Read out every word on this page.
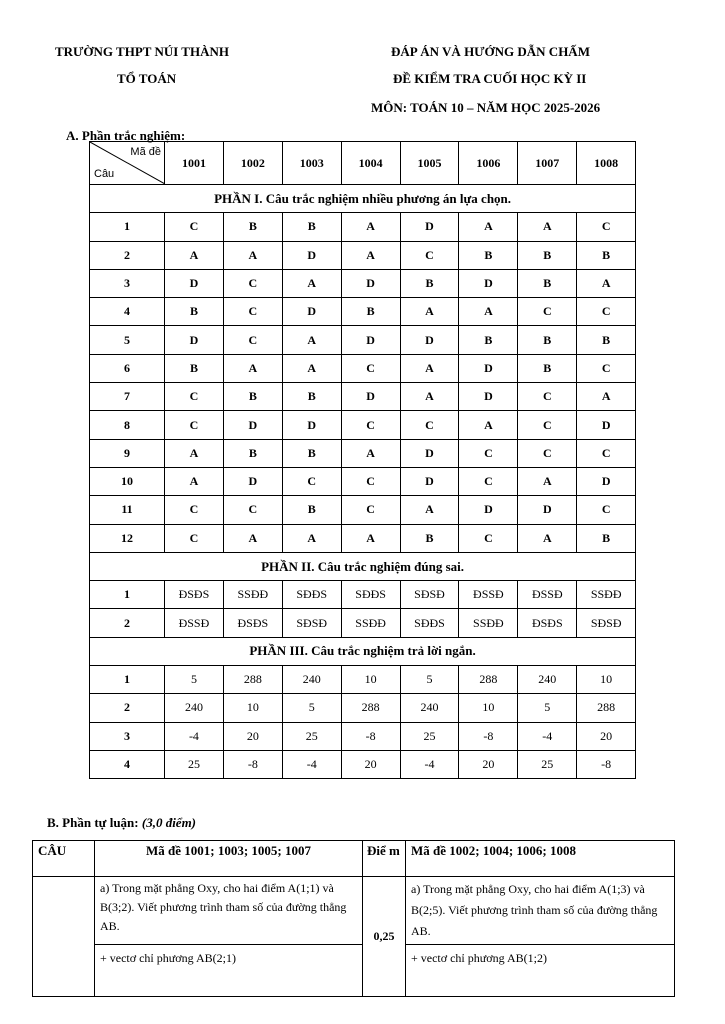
TRƯỜNG THPT NÚI THÀNH
TỔ TOÁN
ĐÁP ÁN VÀ HƯỚNG DẪN CHẤM
ĐỀ KIỂM TRA CUỐI HỌC KỲ II
MÔN: TOÁN 10 – NĂM HỌC 2025-2026
A. Phần trắc nghiệm:
Mã đề
Câu	1001	1002	1003	1004	1005	1006	1007	1008
PHẦN I. Câu trắc nghiệm nhiều phương án lựa chọn.								
1	C	B	B	A	D	A	A	C
2	A	A	D	A	C	B	B	B
3	D	C	A	D	B	D	B	A
4	B	C	D	B	A	A	C	C
5	D	C	A	D	D	B	B	B
6	B	A	A	C	A	D	B	C
7	C	B	B	D	A	D	C	A
8	C	D	D	C	C	A	C	D
9	A	B	B	A	D	C	C	C
10	A	D	C	C	D	C	A	D
11	C	C	B	C	A	D	D	C
12	C	A	A	A	B	C	A	B
PHẦN II. Câu trắc nghiệm đúng sai.								
1	ĐSĐS	SSĐĐ	SĐĐS	SĐĐS	SĐSĐ	ĐSSĐ	ĐSSĐ	SSĐĐ
2	ĐSSĐ	ĐSĐS	SĐSĐ	SSĐĐ	SĐĐS	SSĐĐ	ĐSĐS	SĐSĐ
PHẦN III. Câu trắc nghiệm trả lời ngắn.								
1	5	288	240	10	5	288	240	10
2	240	10	5	288	240	10	5	288
3	-4	20	25	-8	25	-8	-4	20
4	25	-8	-4	20	-4	20	25	-8
B. Phần tự luận: (3,0 điểm)
CÂU	Mã đề 1001; 1003; 1005; 1007	Điể m	Mã đề 1002; 1004; 1006; 1008
	a) Trong mặt phẳng Oxy, cho hai điểm A(1;1) và B(3;2). Viết phương trình tham số của đường thẳng AB.	0,25	a) Trong mặt phẳng Oxy, cho hai điểm A(1;3) và B(2;5). Viết phương trình tham số của đường thẳng AB.
	+ vectơ chỉ phương AB(2;1)		+ vectơ chỉ phương AB(1;2)
